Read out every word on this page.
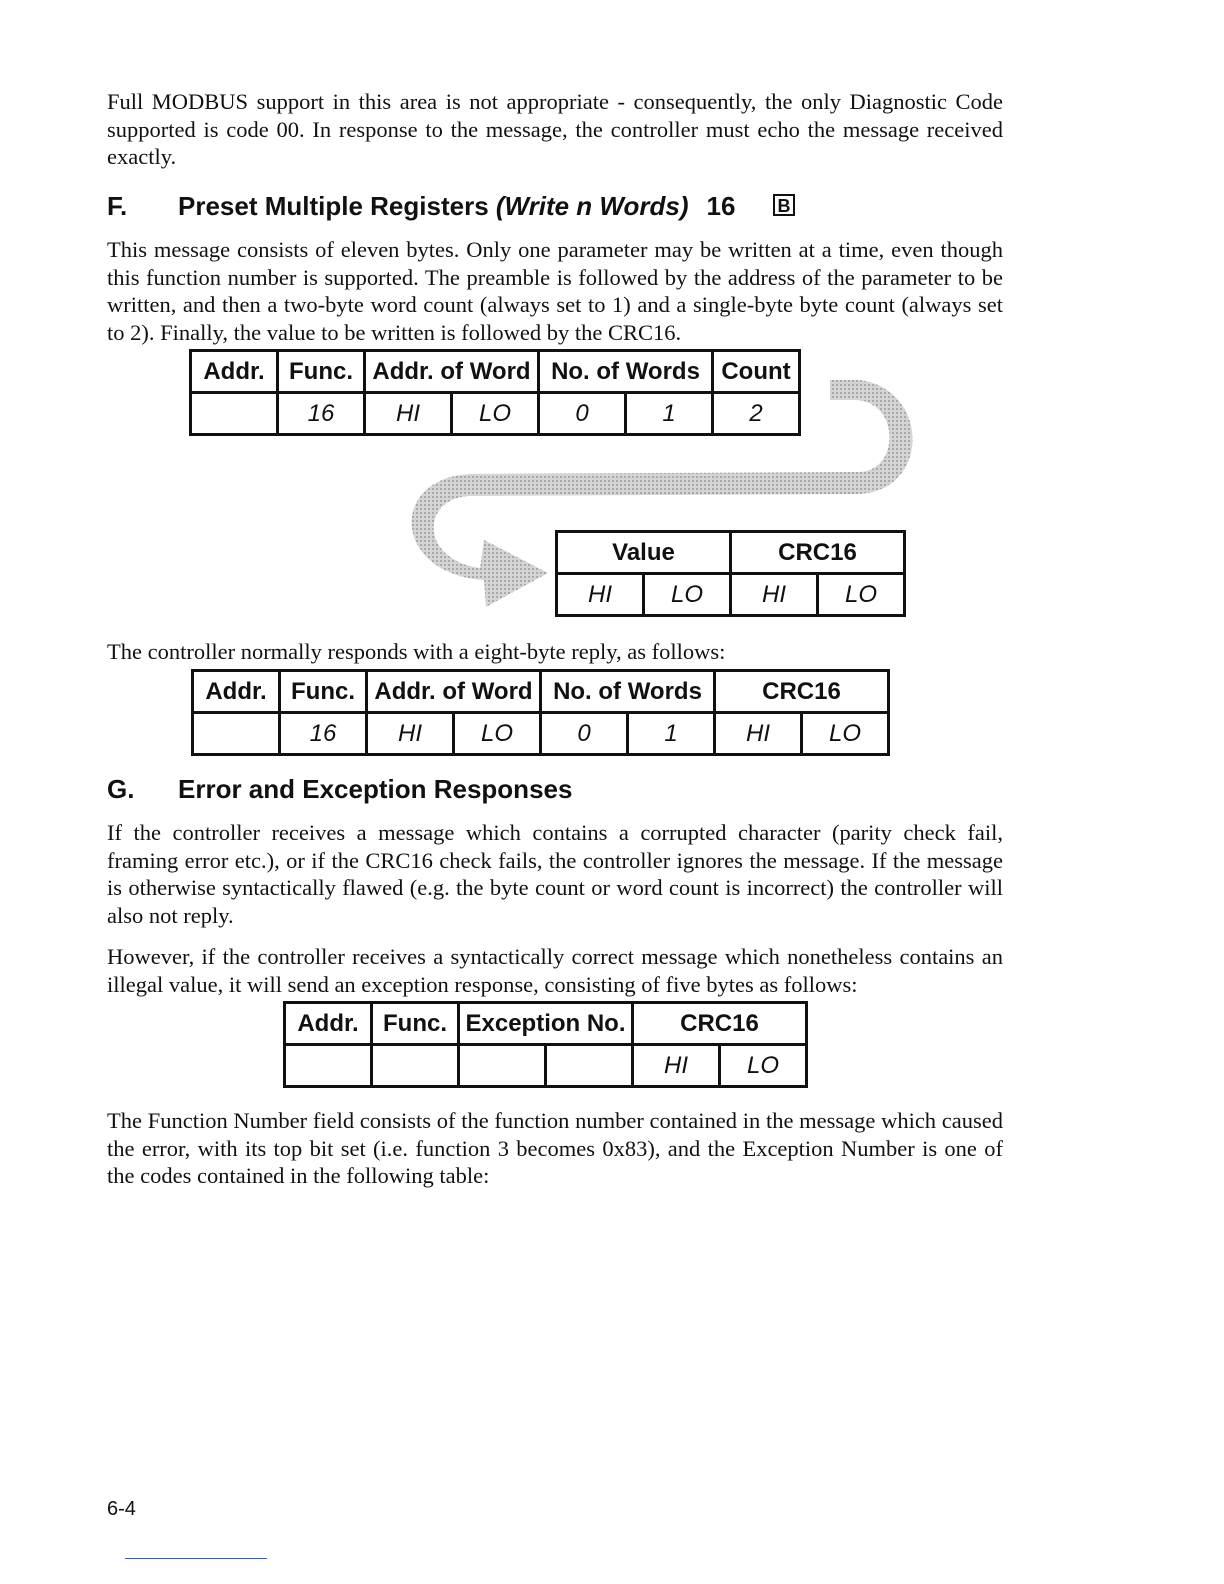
Full MODBUS support in this area is not appropriate - consequently, the only Diagnostic Code supported is code 00. In response to the message, the controller must echo the message received exactly.

F. Preset Multiple Registers (Write n Words) 16 B

This message consists of eleven bytes. Only one parameter may be written at a time, even though this function number is supported. The preamble is followed by the address of the parameter to be written, and then a two-byte word count (always set to 1) and a single-byte byte count (always set to 2). Finally, the value to be written is followed by the CRC16.

Addr.	Func.	Addr. of Word		No. of Words		Count
	16	HI	LO	0	1	2
Value		CRC16	
HI	LO	HI	LO

The controller normally responds with a eight-byte reply, as follows:

Addr.	Func.	Addr. of Word		No. of Words		CRC16	
	16	HI	LO	0	1	HI	LO
G. Error and Exception Responses

If the controller receives a message which contains a corrupted character (parity check fail, framing error etc.), or if the CRC16 check fails, the controller ignores the message. If the message is otherwise syntactically flawed (e.g. the byte count or word count is incorrect) the controller will also not reply.

However, if the controller receives a syntactically correct message which nonetheless contains an illegal value, it will send an exception response, consisting of five bytes as follows:

Addr.	Func.	Exception No.		CRC16	
				HI	LO

The Function Number field consists of the function number contained in the message which caused the error, with its top bit set (i.e. function 3 becomes 0x83), and the Exception Number is one of the codes contained in the following table:

6-4
